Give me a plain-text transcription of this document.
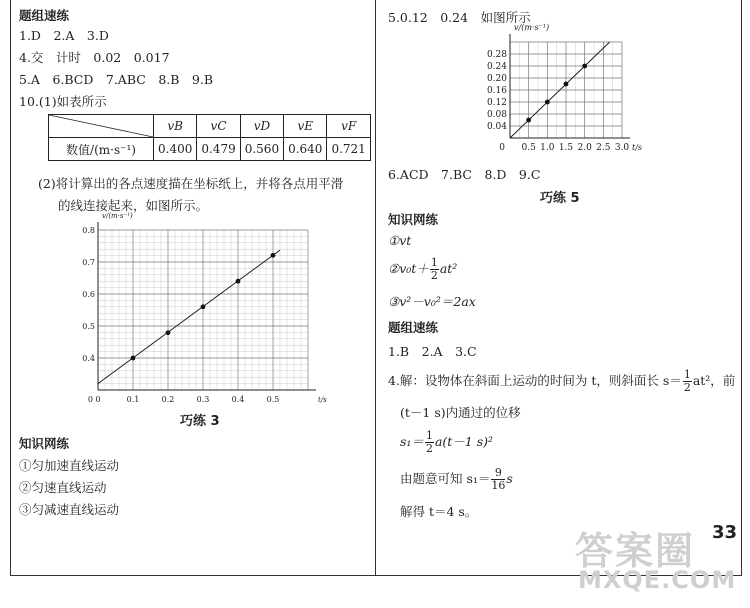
题组速练
1.D　2.A　3.D
4.交　计时　0.02　0.017
5.A　6.BCD　7.ABC　8.B　9.B
10.(1)如表所示
	vB	vC	vD	vE	vF
数值/(m·s⁻¹)	0.400	0.479	0.560	0.640	0.721
(2)将计算出的各点速度描在坐标纸上，并将各点用平滑
的线连接起来，如图所示。
0	0.1	0.2	0.3	0.4	0.5
0.4
0.5
0.6
0.7
0.8
0
v/(m·s⁻¹)
t/s
巧练 3
知识网练
①匀加速直线运动
②匀速直线运动
③匀减速直线运动
5.0.12　0.24　如图所示
0.5 1.0 1.5 2.0 2.5 3.0
0.04
0.08
0.12
0.16
0.20
0.24
0.28
0
v/(m·s⁻¹)
t/s
6.ACD　7.BC　8.D　9.C
巧练 5
知识网练
①vt
②v₀t＋ $\frac{1}{2} at^2$
③v²－v₀²＝2ax
题组速练
1.B　2.A　3.C
4.解：设物体在斜面上运动的时间为 t，则斜面长 $s= \frac{1}{2} at^2$，前
(t－1 s)内通过的位移
$s_1= \frac{1}{2} a(t-1$ s)²
由题意可知 $s_1= \frac{9}{16}$ s
解得 t＝4 s。
答案圈
MXQE.COM
33
